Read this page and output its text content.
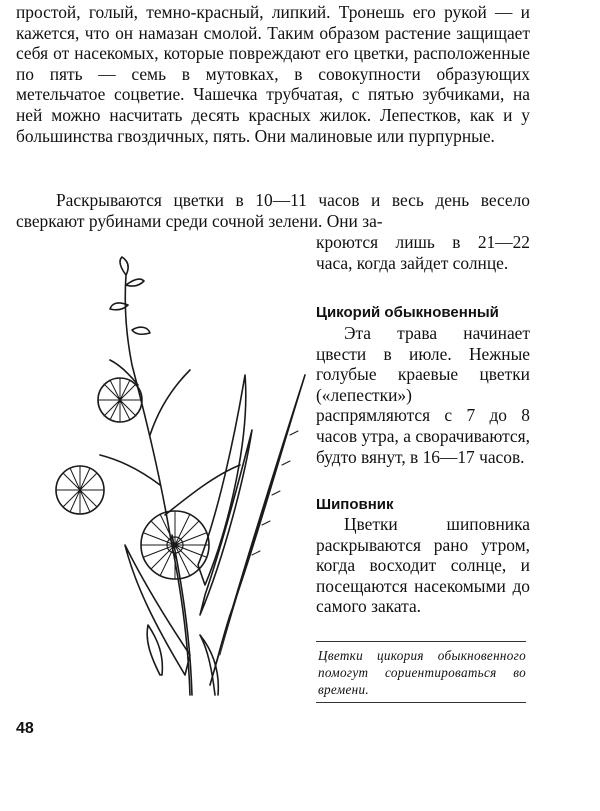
простой, голый, темно-красный, липкий. Тронешь его рукой — и кажется, что он намазан смолой. Таким образом растение защищает себя от насекомых, которые повреждают его цветки, расположенные по пять — семь в мутовках, в совокупности образующих метельчатое соцветие. Чашечка трубчатая, с пятью зубчиками, на ней можно насчитать десять красных жилок. Лепестков, как и у большинства гвоздичных, пять. Они малиновые или пурпурные.

Раскрываются цветки в 10—11 часов и весь день весело сверкают рубинами среди сочной зелени. Они за-

кроются лишь в 21—22 часа, когда зайдет солнце.

Цикорий обыкновенный

Эта трава начинает цвести в июле. Нежные голубые краевые цветки («лепестки») распрямляются с 7 до 8 часов утра, а сворачиваются, будто вянут, в 16—17 часов.

Шиповник

Цветки шиповника раскрываются рано утром, когда восходит солнце, и посещаются насекомыми до самого заката.

Цветки цикория обыкновенного помогут сориентироваться во времени.

48
